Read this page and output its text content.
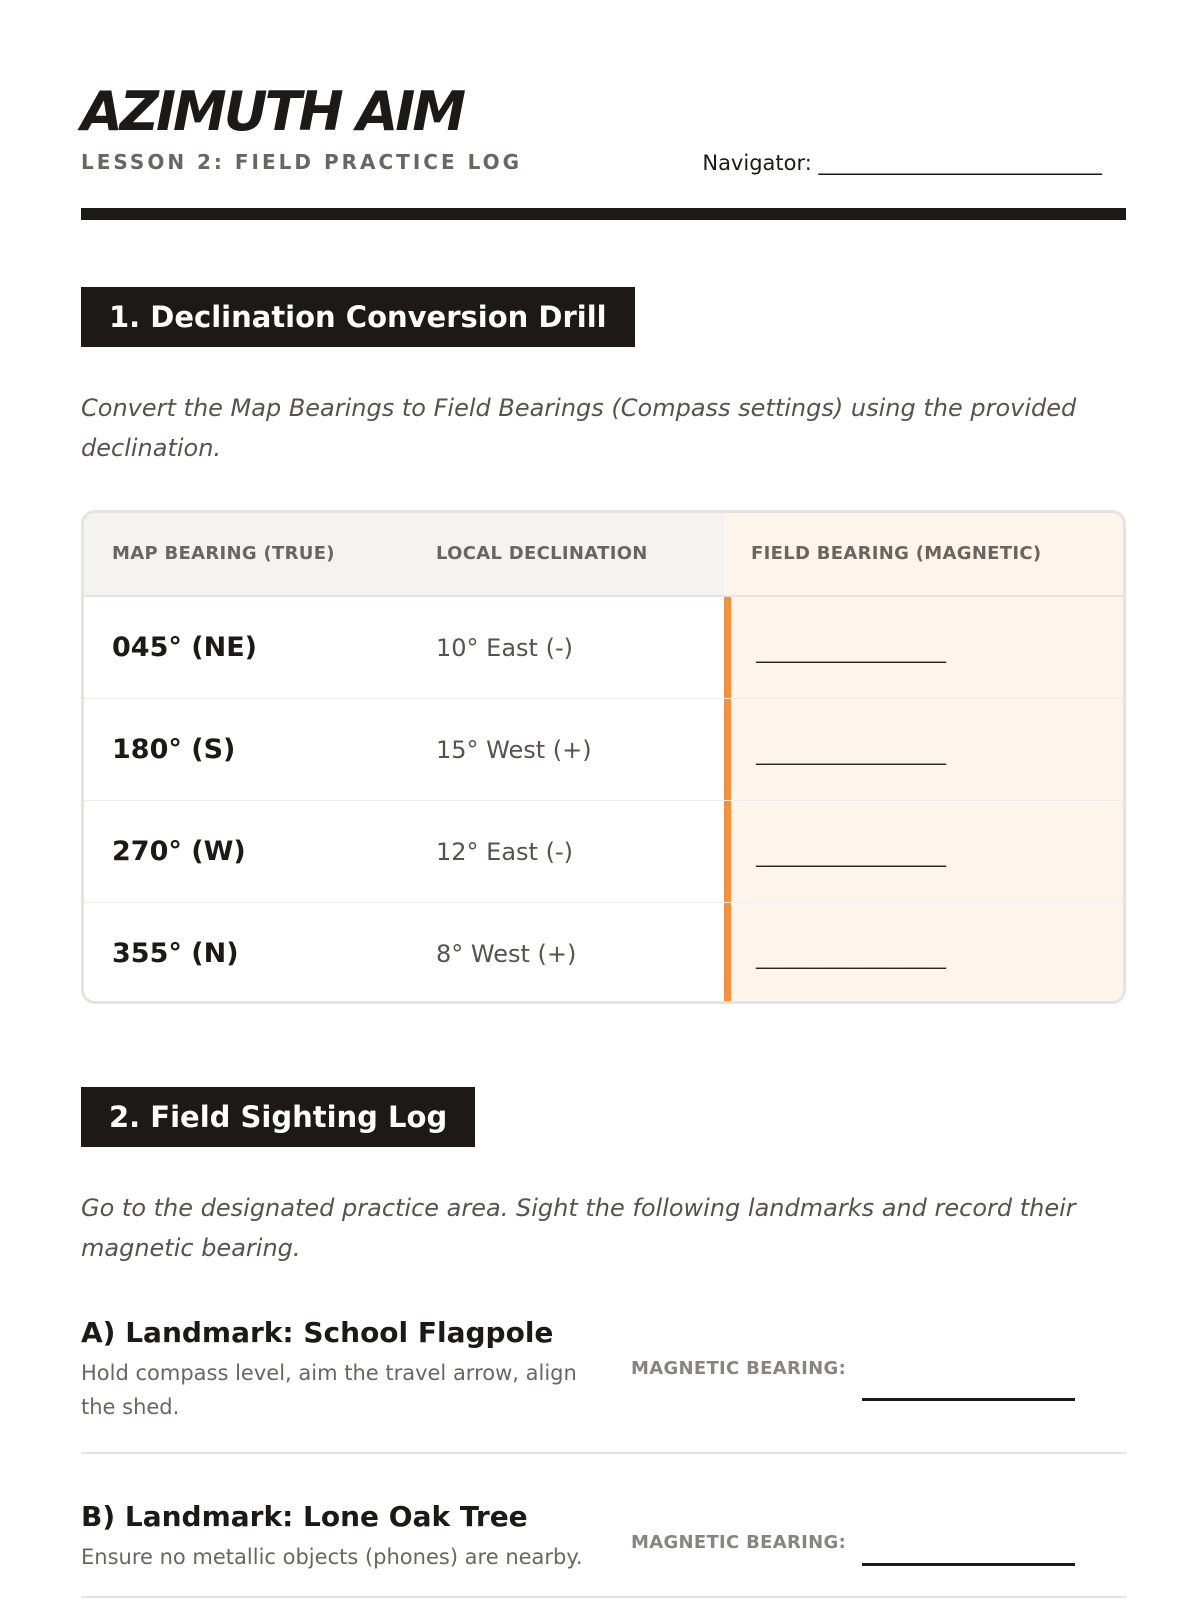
AZIMUTH AIM
LESSON 2: FIELD PRACTICE LOG	Navigator: ___________________________
1. Declination Conversion Drill
Convert the Map Bearings to Field Bearings (Compass settings) using the provided declination.
MAP BEARING (TRUE)	LOCAL DECLINATION	FIELD BEARING (MAGNETIC)
045° (NE)	10° East (-)	___________________
180° (S)	15° West (+)	___________________
270° (W)	12° East (-)	___________________
355° (N)	8° West (+)	___________________
2. Field Sighting Log
Go to the designated practice area. Sight the following landmarks and record their magnetic bearing.
A) Landmark: School Flagpole
Hold compass level, aim the travel arrow, align the shed.
MAGNETIC BEARING:
B) Landmark: Lone Oak Tree
Ensure no metallic objects (phones) are nearby.
MAGNETIC BEARING:
